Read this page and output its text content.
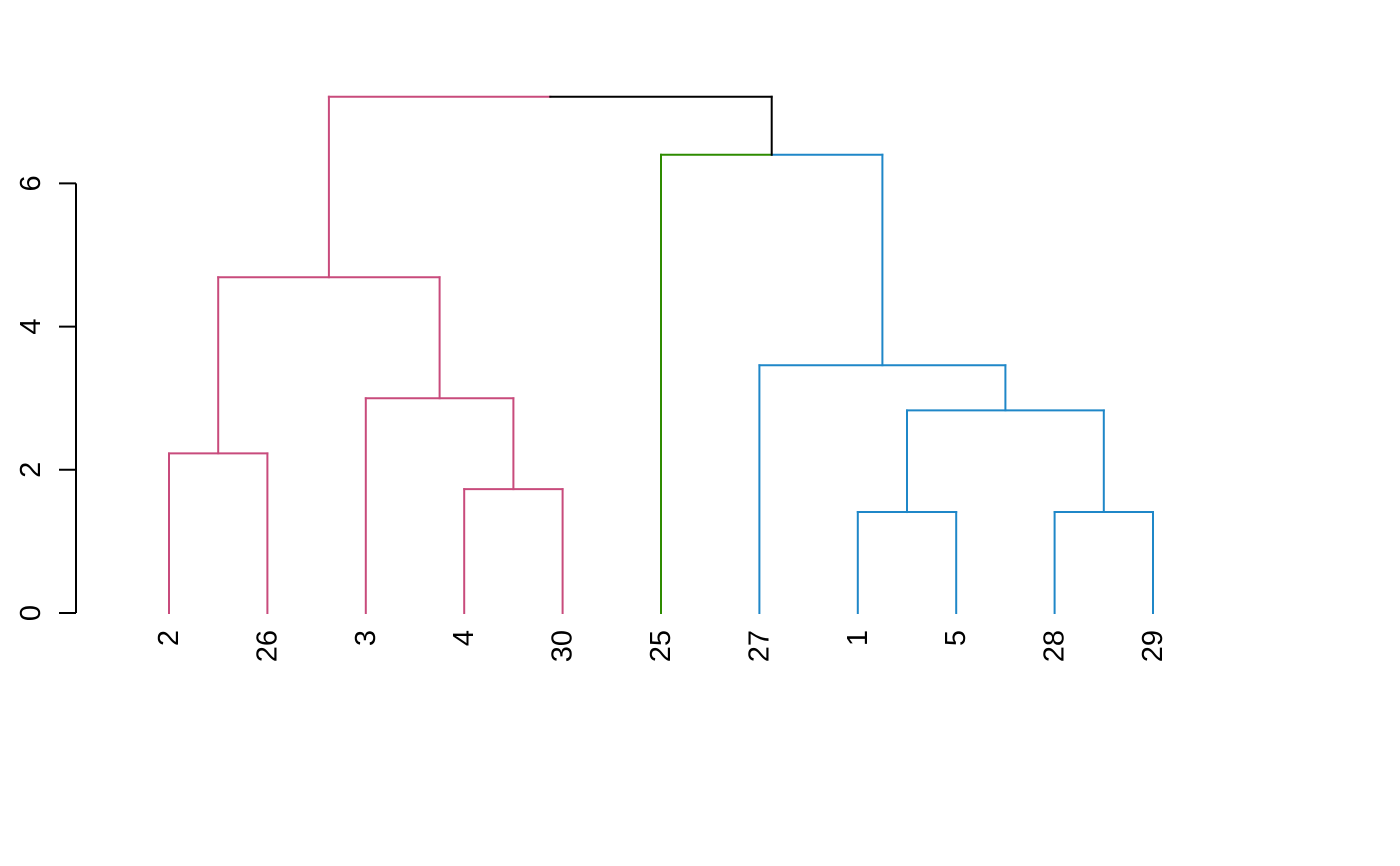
0
2
4
6
2 26 3 4 30 25 27 1 5 28 29
